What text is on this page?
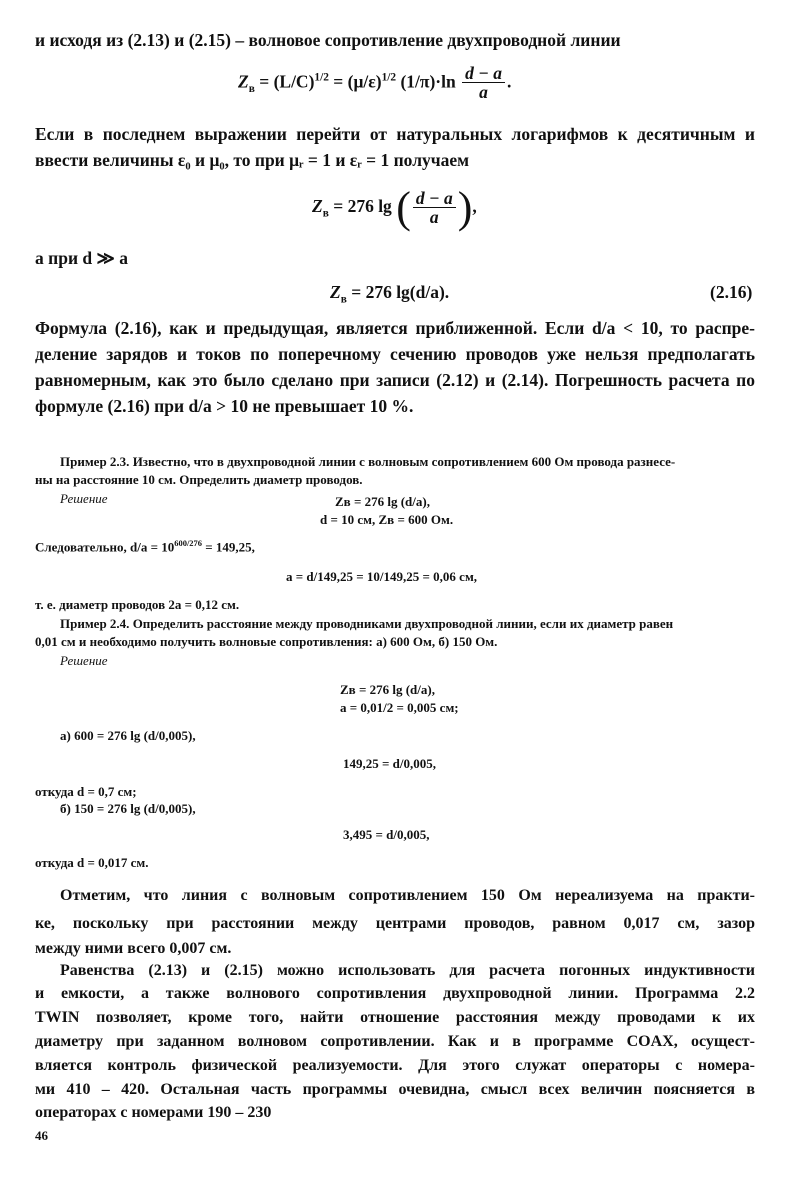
и исходя из (2.13) и (2.15) – волновое сопротивление двухпроводной линии
$Z_в = (L/C)^{1/2} = (\mu/\varepsilon)^{1/2}$ $(1/\pi)\cdot\ln \frac{d - a}{a}$ .
Если в последнем выражении перейти от натуральных логарифмов к десятичным и
ввести величины ε₀ и μ₀, то при μᵣ = 1 и εᵣ = 1 получаем
$Z_в = 276$ lg ( $\frac{d - a}{a}$ ),
а при d ≫ a
$Z_в = 276$ lg(d/a).	(2.16)
Формула (2.16), как и предыдущая, является приближенной. Если d/a < 10, то распре-
деление зарядов и токов по поперечному сечению проводов уже нельзя предполагать
равномерным, как это было сделано при записи (2.12) и (2.14). Погрешность расчета по
формуле (2.16) при d/a > 10 не превышает 10 %.
Пример 2.3. Известно, что в двухпроводной линии с волновым сопротивлением 600 Ом провода разнесе-
ны на расстояние 10 см. Определить диаметр проводов.
Решение	Zв = 276 lg (d/a),
d = 10 см, Zв = 600 Ом.
Следовательно, $d/a = 10^{600/276} = 149,25$,
a = d/149,25 = 10/149,25 = 0,06 см,
т. е. диаметр проводов 2a = 0,12 см.
Пример 2.4. Определить расстояние между проводниками двухпроводной линии, если их диаметр равен
0,01 см и необходимо получить волновые сопротивления: а) 600 Ом, б) 150 Ом.
Решение
Zв = 276 lg (d/a),
a = 0,01/2 = 0,005 см;
а) 600 = 276 lg (d/0,005),
149,25 = d/0,005,
откуда d = 0,7 см;
б) 150 = 276 lg (d/0,005),
3,495 = d/0,005,
откуда d = 0,017 см.
Отметим, что линия с волновым сопротивлением 150 Ом нереализуема на практи-
ке, поскольку при расстоянии между центрами проводов, равном 0,017 см, зазор
между ними всего 0,007 см.
Равенства (2.13) и (2.15) можно использовать для расчета погонных индуктивности
и емкости, а также волнового сопротивления двухпроводной линии. Программа 2.2
TWIN позволяет, кроме того, найти отношение расстояния между проводами к их
диаметру при заданном волновом сопротивлении. Как и в программе COAX, осущест-
вляется контроль физической реализуемости. Для этого служат операторы с номера-
ми 410 – 420. Остальная часть программы очевидна, смысл всех величин поясняется в
операторах с номерами 190 – 230
46
